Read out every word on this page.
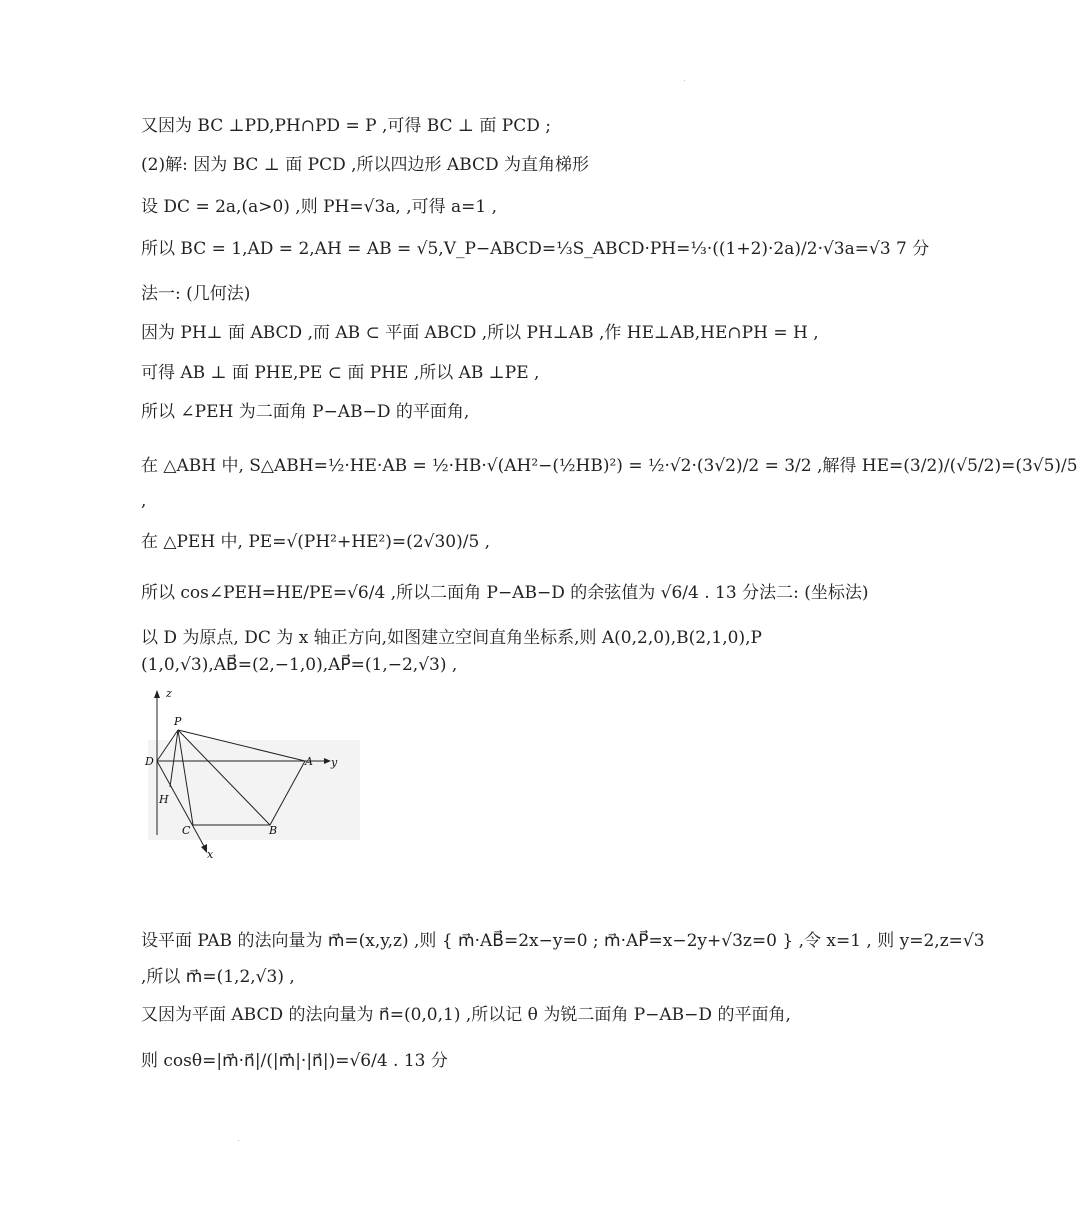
又因为 BC ⊥PD,PH∩PD = P ,可得 BC ⊥ 面 PCD ;
(2)解: 因为 BC ⊥ 面 PCD ,所以四边形 ABCD 为直角梯形
设 DC = 2a,(a>0) ,则 PH=√3a, ,可得 a=1 ,
所以 BC = 1,AD = 2,AH = AB = √5,V_P−ABCD=⅓S_ABCD·PH=⅓·((1+2)·2a)/2·√3a=√3 7 分
法一: (几何法)
因为 PH⊥ 面 ABCD ,而 AB ⊂ 平面 ABCD ,所以 PH⊥AB ,作 HE⊥AB,HE∩PH = H ,
可得 AB ⊥ 面 PHE,PE ⊂ 面 PHE ,所以 AB ⊥PE ,
所以 ∠PEH 为二面角 P−AB−D 的平面角,
在 △ABH 中, S△ABH=½·HE·AB = ½·HB·√(AH²−(½HB)²) = ½·√2·(3√2)/2 = 3/2 ,解得 HE=(3/2)/(√5/2)=(3√5)/5
,
在 △PEH 中, PE=√(PH²+HE²)=(2√30)/5 ,
所以 cos∠PEH=HE/PE=√6/4 ,所以二面角 P−AB−D 的余弦值为 √6/4 . 13 分法二: (坐标法)
以 D 为原点, DC 为 x 轴正方向,如图建立空间直角坐标系,则 A(0,2,0),B(2,1,0),P
(1,0,√3),AB⃗=(2,−1,0),AP⃗=(1,−2,√3) ,
z
P
D	A y
H
C	B
x
设平面 PAB 的法向量为 m⃗=(x,y,z) ,则 { m⃗·AB⃗=2x−y=0 ; m⃗·AP⃗=x−2y+√3z=0 } ,令 x=1 , 则 y=2,z=√3
,所以 m⃗=(1,2,√3) ,
又因为平面 ABCD 的法向量为 n⃗=(0,0,1) ,所以记 θ 为锐二面角 P−AB−D 的平面角,
则 cosθ=|m⃗·n⃗|/(|m⃗|·|n⃗|)=√6/4 . 13 分
